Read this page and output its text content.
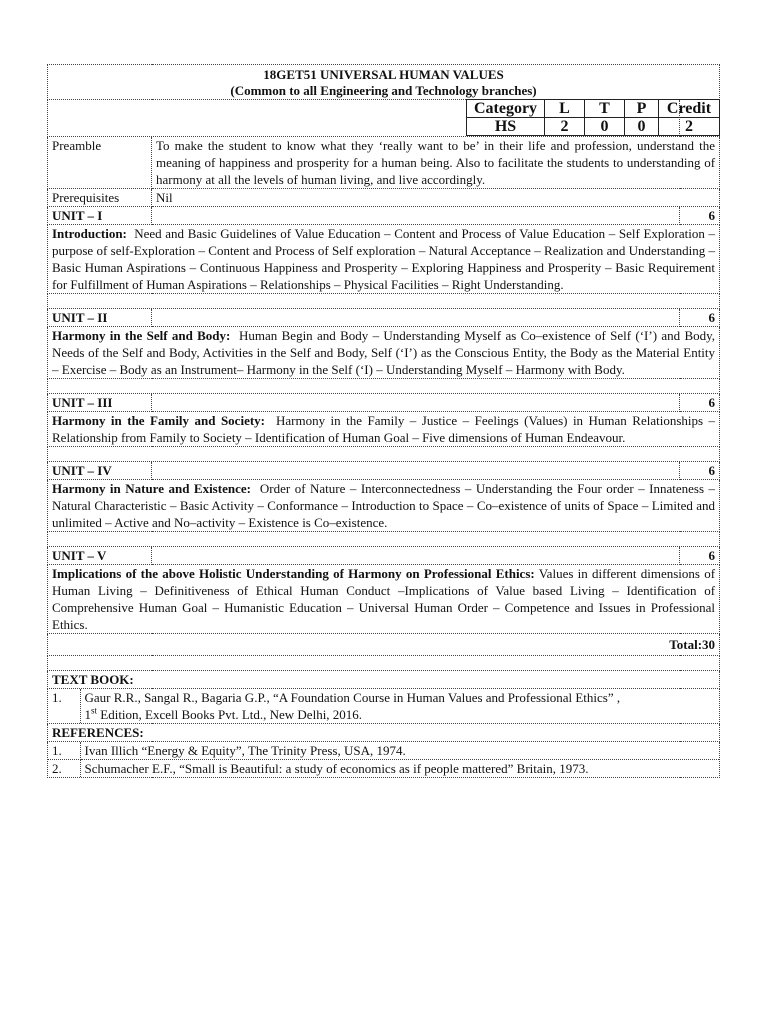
18GET51 UNIVERSAL HUMAN VALUES
(Common to all Engineering and Technology branches)

Preamble	To make the student to know what they ‘really want to be’ in their life and profession, understand the meaning of happiness and prosperity for a human being. Also to facilitate the students to understanding of harmony at all the levels of human living, and live accordingly.
Prerequisites	Nil
UNIT – I		6
Introduction: Need and Basic Guidelines of Value Education – Content and Process of Value Education – Self Exploration – purpose of self-Exploration – Content and Process of Self exploration – Natural Acceptance – Realization and Understanding – Basic Human Aspirations – Continuous Happiness and Prosperity – Exploring Happiness and Prosperity – Basic Requirement for Fulfillment of Human Aspirations – Relationships – Physical Facilities – Right Understanding.

UNIT – II		6
Harmony in the Self and Body: Human Begin and Body – Understanding Myself as Co–existence of Self (‘I’) and Body, Needs of the Self and Body, Activities in the Self and Body, Self (‘I’) as the Conscious Entity, the Body as the Material Entity – Exercise – Body as an Instrument– Harmony in the Self (‘I) – Understanding Myself – Harmony with Body.

UNIT – III		6
Harmony in the Family and Society: Harmony in the Family – Justice – Feelings (Values) in Human Relationships – Relationship from Family to Society – Identification of Human Goal – Five dimensions of Human Endeavour.

UNIT – IV		6
Harmony in Nature and Existence: Order of Nature – Interconnectedness – Understanding the Four order – Innateness – Natural Characteristic – Basic Activity – Conformance – Introduction to Space – Co–existence of units of Space – Limited and unlimited – Active and No–activity – Existence is Co–existence.

UNIT – V		6
Implications of the above Holistic Understanding of Harmony on Professional Ethics: Values in different dimensions of Human Living – Definitiveness of Ethical Human Conduct –Implications of Value based Living – Identification of Comprehensive Human Goal – Humanistic Education – Universal Human Order – Competence and Issues in Professional Ethics.
Total:30

TEXT BOOK:

1.	Gaur R.R., Sangal R., Bagaria G.P., “A Foundation Course in Human Values and Professional Ethics” ,
1st Edition, Excell Books Pvt. Ltd., New Delhi, 2016.

REFERENCES:

1.	Ivan Illich “Energy & Equity”, The Trinity Press, USA, 1974.
2.	Schumacher E.F., “Small is Beautiful: a study of economics as if people mattered” Britain, 1973.
Category	L	T	P	Credit
HS	2	0	0	2
